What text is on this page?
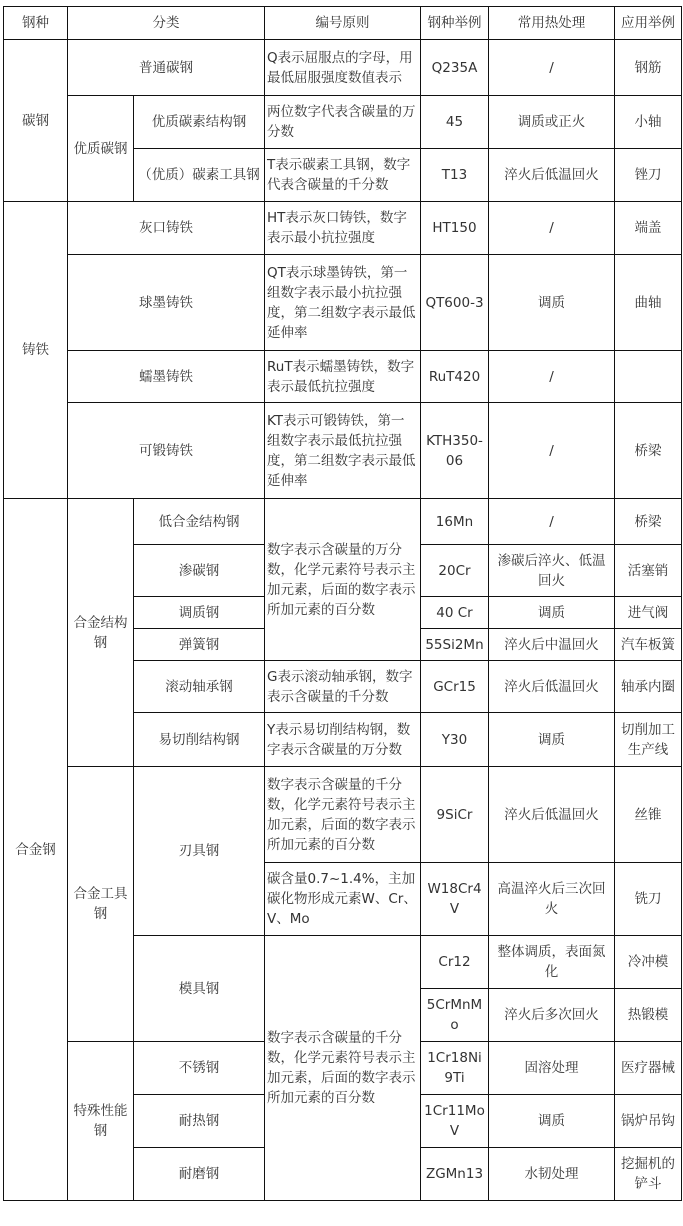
钢种	分类		编号原则	钢种举例	常用热处理	应用举例
碳钢	普通碳钢		Q表示屈服点的字母，用最低屈服强度数值表示	Q235A	/	钢筋
	优质碳钢	优质碳素结构钢	两位数字代表含碳量的万分数	45	调质或正火	小轴
		（优质）碳素工具钢	T表示碳素工具钢，数字代表含碳量的千分数	T13	淬火后低温回火	锉刀
铸铁	灰口铸铁		HT表示灰口铸铁，数字表示最小抗拉强度	HT150	/	端盖
	球墨铸铁		QT表示球墨铸铁，第一组数字表示最小抗拉强度，第二组数字表示最低延伸率	QT600-3	调质	曲轴
	蠕墨铸铁		RuT表示蠕墨铸铁，数字表示最低抗拉强度	RuT420	/	
	可锻铸铁		KT表示可锻铸铁，第一组数字表示最低抗拉强度，第二组数字表示最低延伸率	KTH350-06	/	桥梁
合金钢	合金结构钢	低合金结构钢	数字表示含碳量的万分数，化学元素符号表示主加元素，后面的数字表示所加元素的百分数	16Mn	/	桥梁
		渗碳钢		20Cr	渗碳后淬火、低温回火	活塞销
		调质钢		40 Cr	调质	进气阀
		弹簧钢		55Si2Mn	淬火后中温回火	汽车板簧
		滚动轴承钢	G表示滚动轴承钢，数字表示含碳量的千分数	GCr15	淬火后低温回火	轴承内圈
		易切削结构钢	Y表示易切削结构钢，数字表示含碳量的万分数	Y30	调质	切削加工生产线
	合金工具钢	刃具钢	数字表示含碳量的千分数，化学元素符号表示主加元素，后面的数字表示所加元素的百分数	9SiCr	淬火后低温回火	丝锥
			碳含量0.7~1.4%，主加碳化物形成元素W、Cr、V、Mo	W18Cr4V	高温淬火后三次回火	铣刀
		模具钢	数字表示含碳量的千分数，化学元素符号表示主加元素，后面的数字表示所加元素的百分数	Cr12	整体调质，表面氮化	冷冲模
				5CrMnMo	淬火后多次回火	热锻模
	特殊性能钢	不锈钢		1Cr18Ni9Ti	固溶处理	医疗器械
		耐热钢		1Cr11MoV	调质	锅炉吊钩
		耐磨钢		ZGMn13	水韧处理	挖掘机的铲斗
